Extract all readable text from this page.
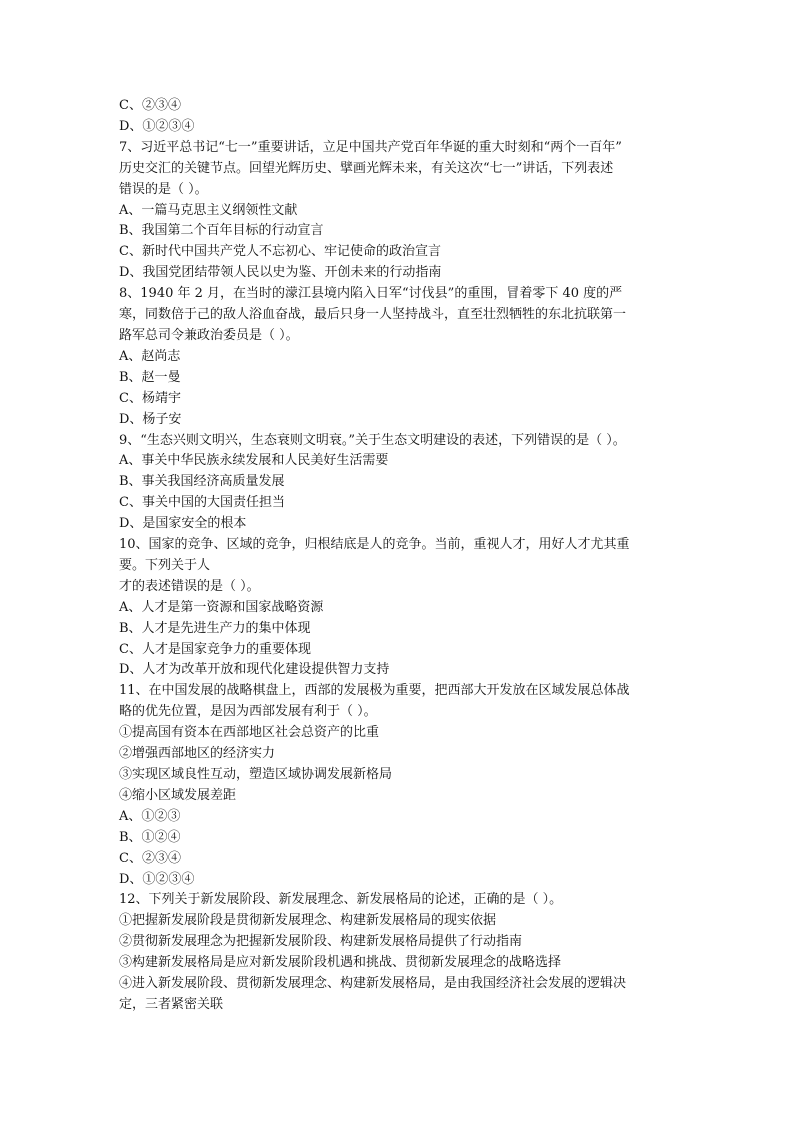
C、②③④

D、①②③④

7、习近平总书记“七一”重要讲话，立足中国共产党百年华诞的重大时刻和“两个一百年”

历史交汇的关键节点。回望光辉历史、擘画光辉未来，有关这次“七一”讲话，下列表述

错误的是（ ）。

A、一篇马克思主义纲领性文献

B、我国第二个百年目标的行动宣言

C、新时代中国共产党人不忘初心、牢记使命的政治宣言

D、我国党团结带领人民以史为鉴、开创未来的行动指南

8、1940 年 2 月，在当时的濛江县境内陷入日军“讨伐县”的重围，冒着零下 40 度的严

寒，同数倍于己的敌人浴血奋战，最后只身一人坚持战斗，直至壮烈牺牲的东北抗联第一

路军总司令兼政治委员是（ ）。

A、赵尚志

B、赵一曼

C、杨靖宇

D、杨子安

9、“生态兴则文明兴，生态衰则文明衰。”关于生态文明建设的表述，下列错误的是（ ）。

A、事关中华民族永续发展和人民美好生活需要

B、事关我国经济高质量发展

C、事关中国的大国责任担当

D、是国家安全的根本

10、国家的竞争、区域的竞争，归根结底是人的竞争。当前，重视人才，用好人才尤其重

要。下列关于人

才的表述错误的是（ ）。

A、人才是第一资源和国家战略资源

B、人才是先进生产力的集中体现

C、人才是国家竞争力的重要体现

D、人才为改革开放和现代化建设提供智力支持

11、在中国发展的战略棋盘上，西部的发展极为重要，把西部大开发放在区域发展总体战

略的优先位置，是因为西部发展有利于（ ）。

①提高国有资本在西部地区社会总资产的比重

②增强西部地区的经济实力

③实现区域良性互动，塑造区域协调发展新格局

④缩小区域发展差距

A、①②③

B、①②④

C、②③④

D、①②③④

12、下列关于新发展阶段、新发展理念、新发展格局的论述，正确的是（ ）。

①把握新发展阶段是贯彻新发展理念、构建新发展格局的现实依据

②贯彻新发展理念为把握新发展阶段、构建新发展格局提供了行动指南

③构建新发展格局是应对新发展阶段机遇和挑战、贯彻新发展理念的战略选择

④进入新发展阶段、贯彻新发展理念、构建新发展格局，是由我国经济社会发展的逻辑决

定，三者紧密关联
